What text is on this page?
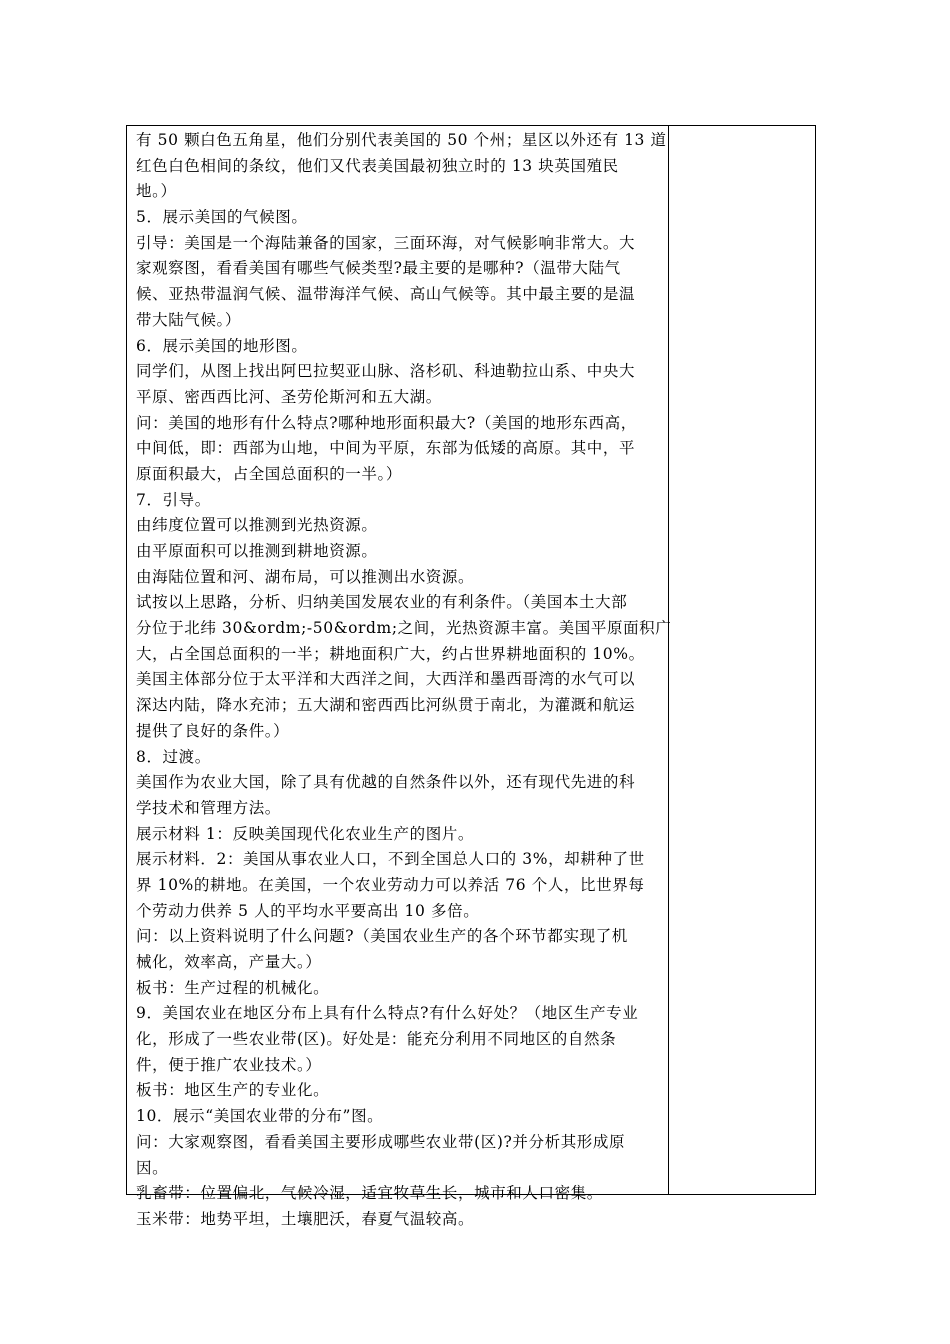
有 50 颗白色五角星，他们分别代表美国的 50 个州；星区以外还有 13 道
红色白色相间的条纹，他们又代表美国最初独立时的 13 块英国殖民
地。）
5．展示美国的气候图。
引导：美国是一个海陆兼备的国家，三面环海，对气候影响非常大。大
家观察图，看看美国有哪些气候类型?最主要的是哪种?（温带大陆气
候、亚热带温润气候、温带海洋气候、高山气候等。其中最主要的是温
带大陆气候。）
6．展示美国的地形图。
同学们，从图上找出阿巴拉契亚山脉、洛杉矶、科迪勒拉山系、中央大
平原、密西西比河、圣劳伦斯河和五大湖。
问：美国的地形有什么特点?哪种地形面积最大?（美国的地形东西高，
中间低，即：西部为山地，中间为平原，东部为低矮的高原。其中，平
原面积最大，占全国总面积的一半。）
7．引导。
由纬度位置可以推测到光热资源。
由平原面积可以推测到耕地资源。
由海陆位置和河、湖布局，可以推测出水资源。
试按以上思路，分析、归纳美国发展农业的有利条件。（美国本土大部
分位于北纬 30&ordm;-50&ordm;之间，光热资源丰富。美国平原面积广
大，占全国总面积的一半；耕地面积广大，约占世界耕地面积的 10%。
美国主体部分位于太平洋和大西洋之间，大西洋和墨西哥湾的水气可以
深达内陆，降水充沛；五大湖和密西西比河纵贯于南北，为灌溉和航运
提供了良好的条件。）
8．过渡。
美国作为农业大国，除了具有优越的自然条件以外，还有现代先进的科
学技术和管理方法。
展示材料 1：反映美国现代化农业生产的图片。
展示材料．2：美国从事农业人口，不到全国总人口的 3%，却耕种了世
界 10%的耕地。在美国，一个农业劳动力可以养活 76 个人，比世界每
个劳动力供养 5 人的平均水平要高出 10 多倍。
问：以上资料说明了什么问题?（美国农业生产的各个环节都实现了机
械化，效率高，产量大。）
板书：生产过程的机械化。
9．美国农业在地区分布上具有什么特点?有什么好处？（地区生产专业
化，形成了一些农业带(区)。好处是：能充分利用不同地区的自然条
件，便于推广农业技术。）
板书：地区生产的专业化。
10．展示“美国农业带的分布”图。
问：大家观察图，看看美国主要形成哪些农业带(区)?并分析其形成原
因。
乳畜带：位置偏北，气候冷湿，适宜牧草生长，城市和人口密集。
玉米带：地势平坦，土壤肥沃，春夏气温较高。
